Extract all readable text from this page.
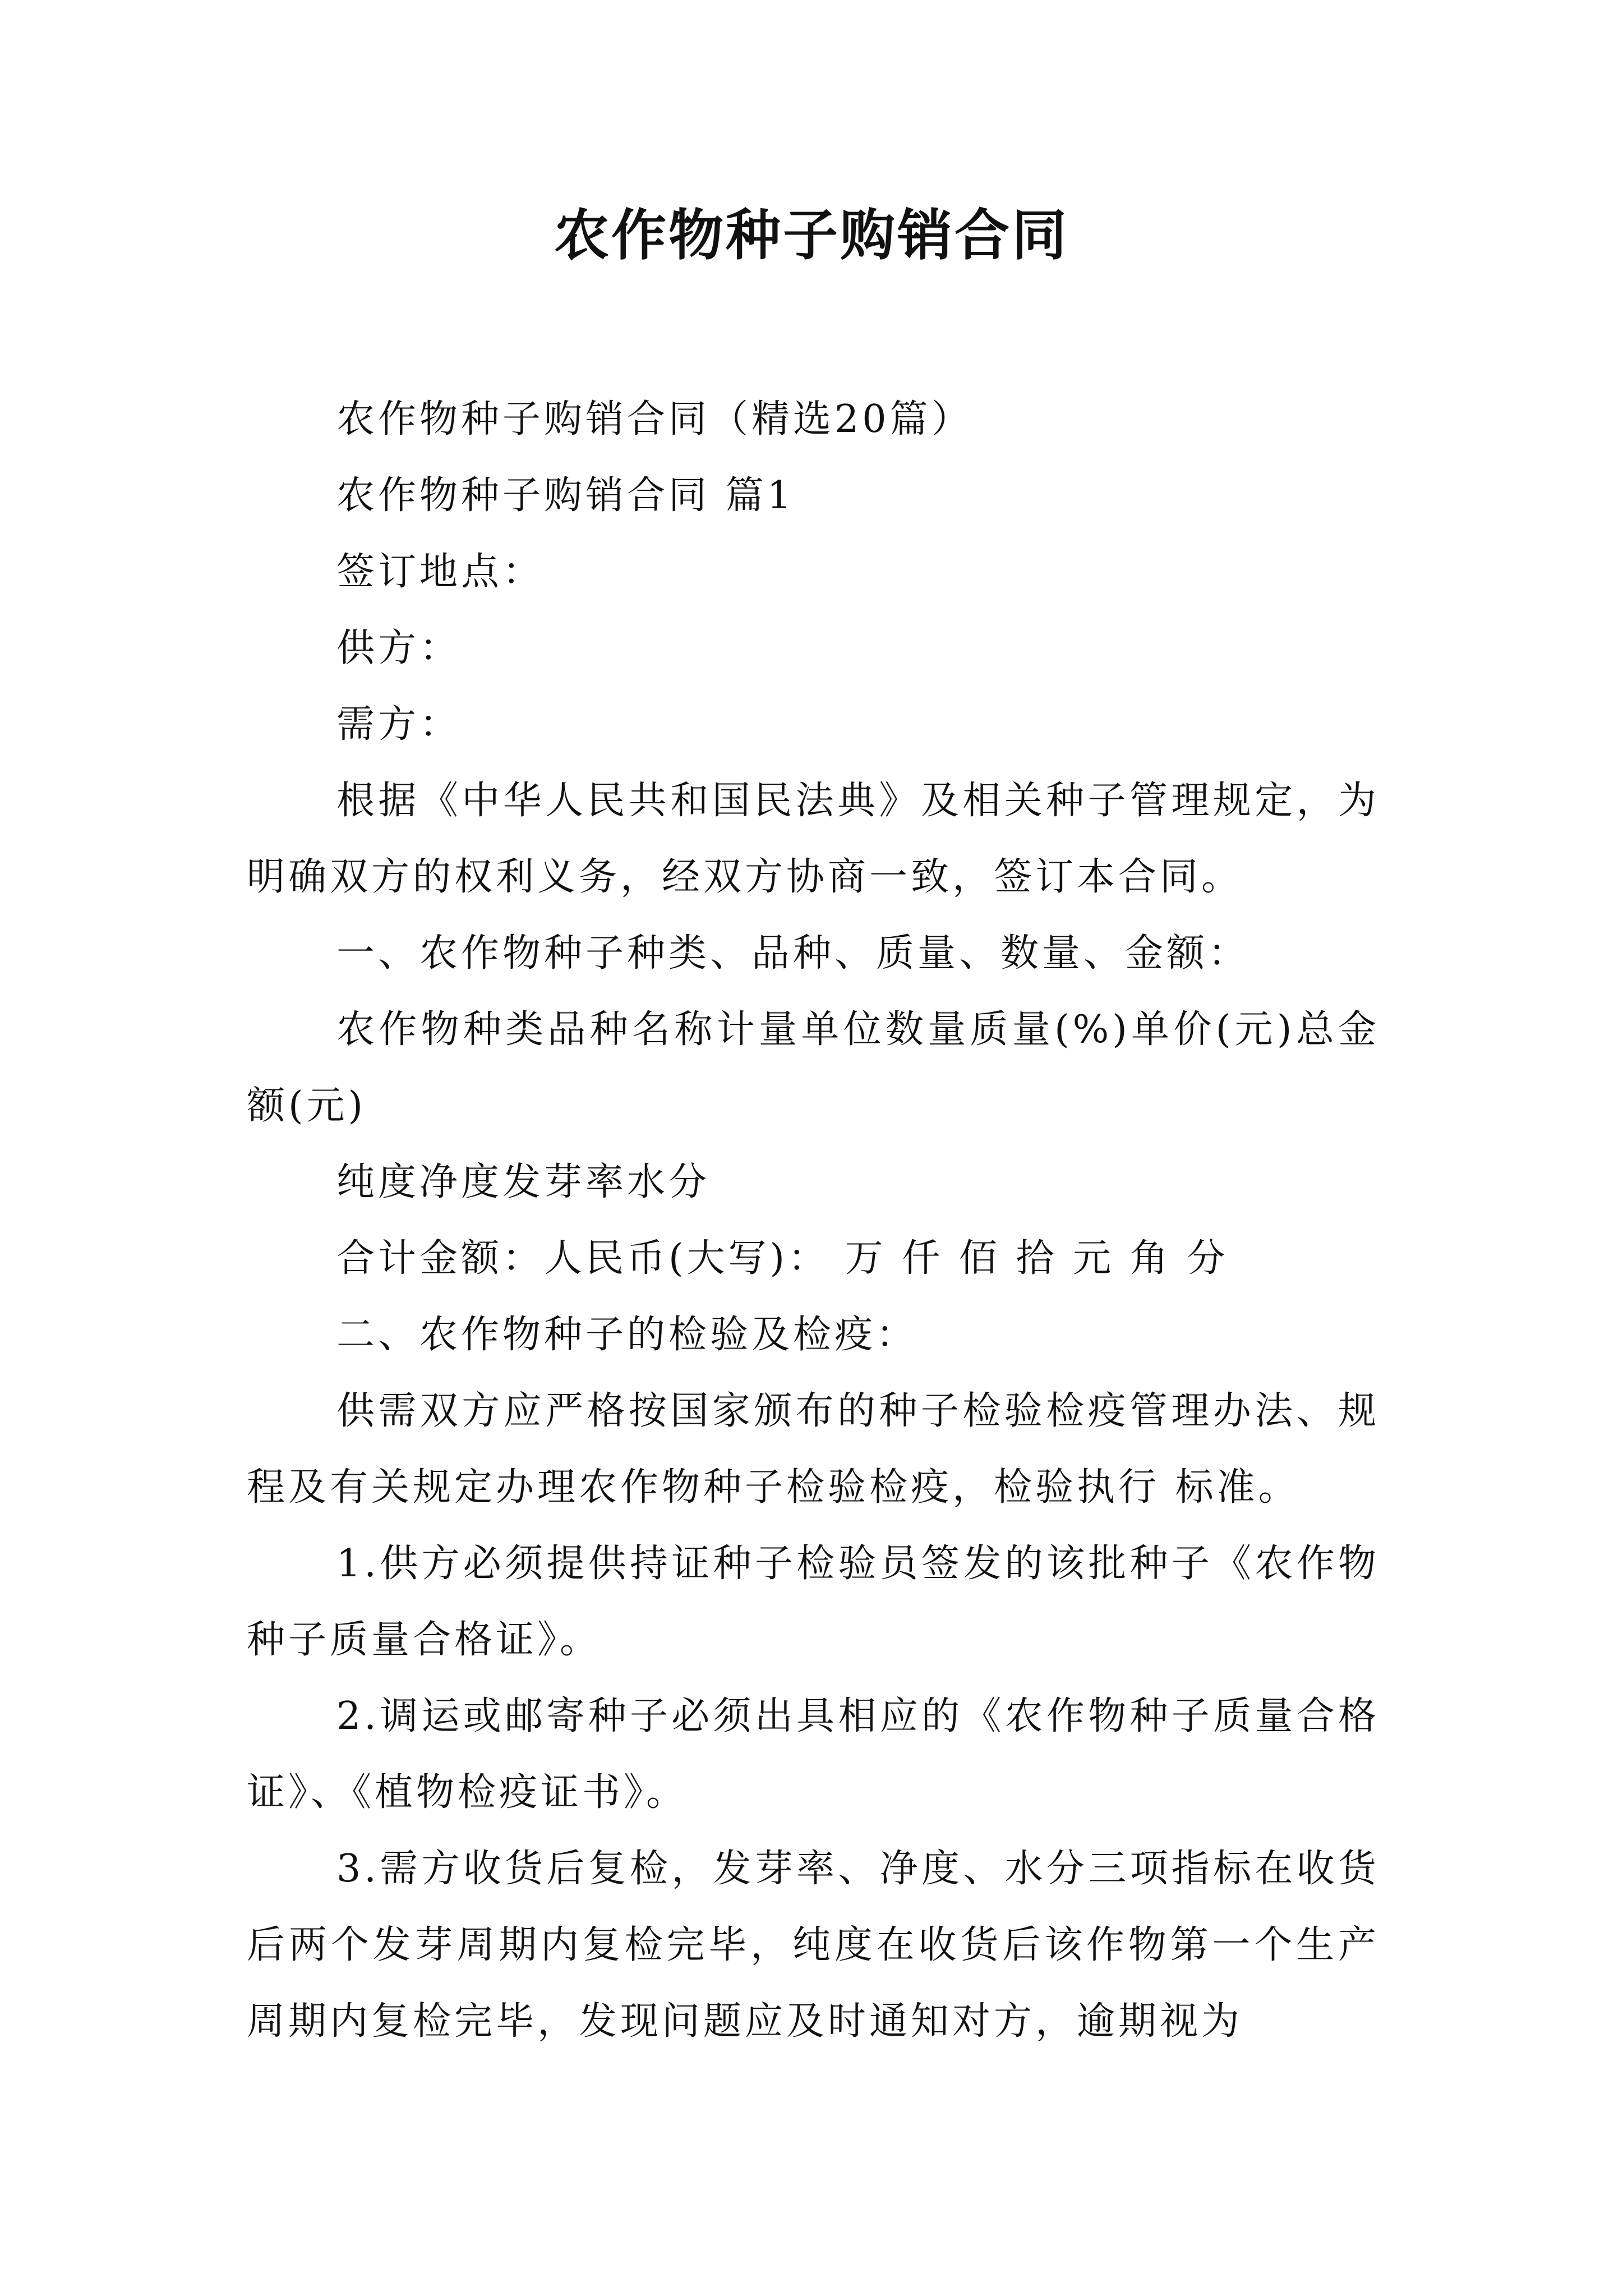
农作物种子购销合同
农作物种子购销合同（精选20篇）
农作物种子购销合同 篇1
签订地点：
供方：
需方：

根据《中华人民共和国民法典》及相关种子管理规定，为明确双方的权利义务，经双方协商一致，签订本合同。

一、农作物种子种类、品种、质量、数量、金额：

农作物种类品种名称计量单位数量质量(%)单价(元)总金额(元)

纯度净度发芽率水分
合计金额：人民币(大写)： 万 仟 佰 拾 元 角 分
二、农作物种子的检验及检疫：

供需双方应严格按国家颁布的种子检验检疫管理办法、规程及有关规定办理农作物种子检验检疫，检验执行 标准。

1.供方必须提供持证种子检验员签发的该批种子《农作物种子质量合格证》。

2.调运或邮寄种子必须出具相应的《农作物种子质量合格证》、《植物检疫证书》。

3.需方收货后复检，发芽率、净度、水分三项指标在收货后两个发芽周期内复检完毕，纯度在收货后该作物第一个生产周期内复检完毕，发现问题应及时通知对方，逾期视为
